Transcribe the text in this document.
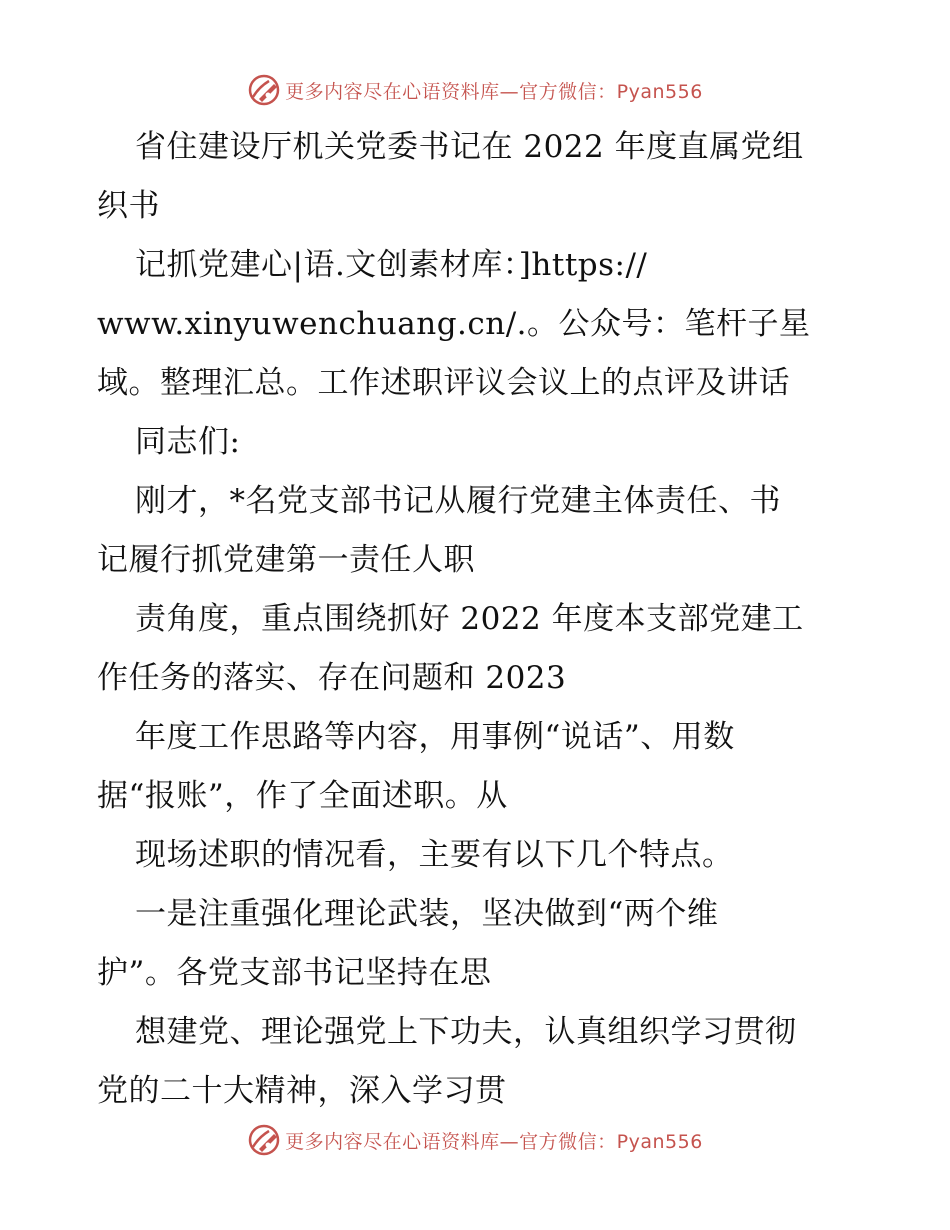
更多内容尽在心语资料库—官方微信：Pyan556
省住建设厅机关党委书记在 2022 年度直属党组
织书
记抓党建心|语.文创素材库：]https://
www.xinyuwenchuang.cn/.。公众号：笔杆子星
域。整理汇总。工作述职评议会议上的点评及讲话
同志们:
刚才，*名党支部书记从履行党建主体责任、书
记履行抓党建第一责任人职
责角度，重点围绕抓好 2022 年度本支部党建工
作任务的落实、存在问题和 2023
年度工作思路等内容，用事例“说话”、用数
据“报账”，作了全面述职。从
现场述职的情况看，主要有以下几个特点。
一是注重强化理论武装，坚决做到“两个维
护”。各党支部书记坚持在思
想建党、理论强党上下功夫，认真组织学习贯彻
党的二十大精神，深入学习贯
更多内容尽在心语资料库—官方微信：Pyan556
